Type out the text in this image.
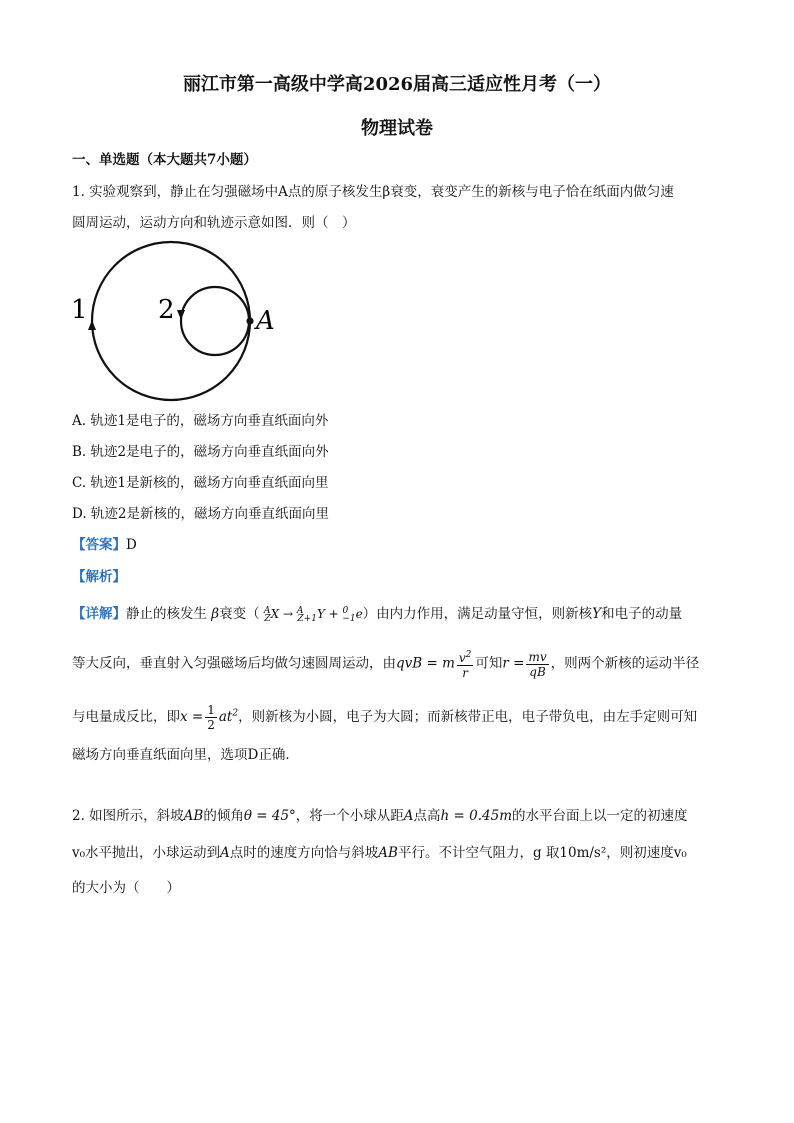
丽江市第一高级中学高2026届高三适应性月考（一）
物理试卷
一、单选题（本大题共7小题）
1. 实验观察到，静止在匀强磁场中A点的原子核发生β衰变，衰变产生的新核与电子恰在纸面内做匀速
圆周运动，运动方向和轨迹示意如图．则（　）
1	2	A
A. 轨迹1是电子的，磁场方向垂直纸面向外
B. 轨迹2是电子的，磁场方向垂直纸面向外
C. 轨迹1是新核的，磁场方向垂直纸面向里
D. 轨迹2是新核的，磁场方向垂直纸面向里
【答案】D
【解析】
【详解】静止的核发生 β衰变（ $^A_Z$X → $^A_{Z+1}$Y + $^0_{-1}$e）由内力作用，满足动量守恒，则新核Y和电子的动量
等大反向，垂直射入匀强磁场后均做匀速圆周运动，由qvB = m $\frac{v^2}{r}$ 可知$r = \frac{mv}{qB}$ ，则两个新核的运动半径
与电量成反比，即$x = \frac{1}{2} at^2$，则新核为小圆，电子为大圆；而新核带正电，电子带负电，由左手定则可知
磁场方向垂直纸面向里，选项D正确．
2. 如图所示，斜坡AB的倾角θ = 45°，将一个小球从距A点高h = 0.45m的水平台面上以一定的初速度
v₀水平抛出，小球运动到A点时的速度方向恰与斜坡AB平行。不计空气阻力，g 取10m/s²，则初速度v₀
的大小为（　　）
